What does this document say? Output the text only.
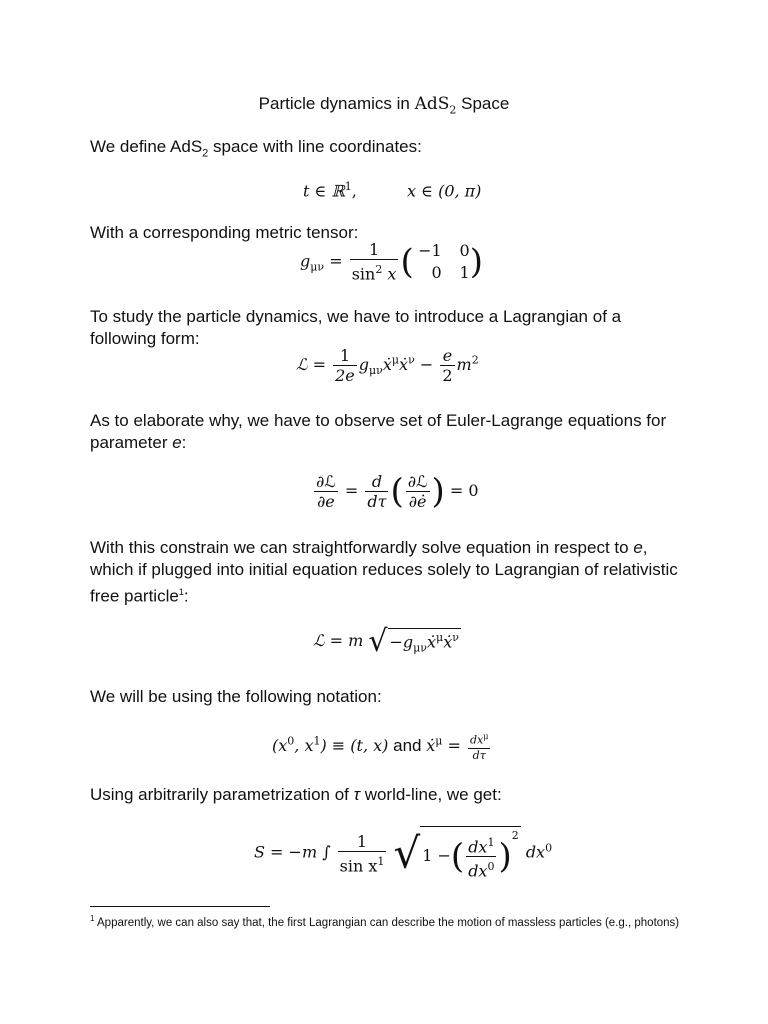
Particle dynamics in AdS$_2$ Space

We define AdS$_2$ space with line coordinates:

t ∈ ℝ$^1$,	x ∈ (0, π)

With a corresponding metric tensor:

$g_{\mu\nu} = \frac{1}{\sin^2 x}$ ( −1	0
0	1 )

To study the particle dynamics, we have to introduce a Lagrangian of a following form:

ℒ = $\frac{1}{2e}$ $g_{\mu\nu}ẋ^\mu ẋ^\nu - \frac{e}{2} m^2$

As to elaborate why, we have to observe set of Euler-Lagrange equations for parameter e:

$\frac{\text{∂ℒ}}{\partial e} = \frac{d}{d\tau}$ ( $\frac{\text{∂ℒ}}{\partial ė}$ ) = 0

With this constrain we can straightforwardly solve equation in respect to e, which if plugged into initial equation reduces solely to Lagrangian of relativistic free particle$^1$:

ℒ = m √ $-g_{\mu\nu}ẋ^\mu ẋ^\nu$

We will be using the following notation:

($x^0$, $x^1) \equiv (t$, x) and ẋ$^\mu$ = $\frac{dx^\mu}{d\tau}$

Using arbitrarily parametrization of τ world-line, we get:

S = −m ∫ $\frac{1}{\sin x^1}$ √ 1 −( $\frac{dx^1}{dx^0} )^2$ $dx^0$
$^1$ Apparently, we can also say that, the first Lagrangian can describe the motion of massless particles (e.g., photons)
